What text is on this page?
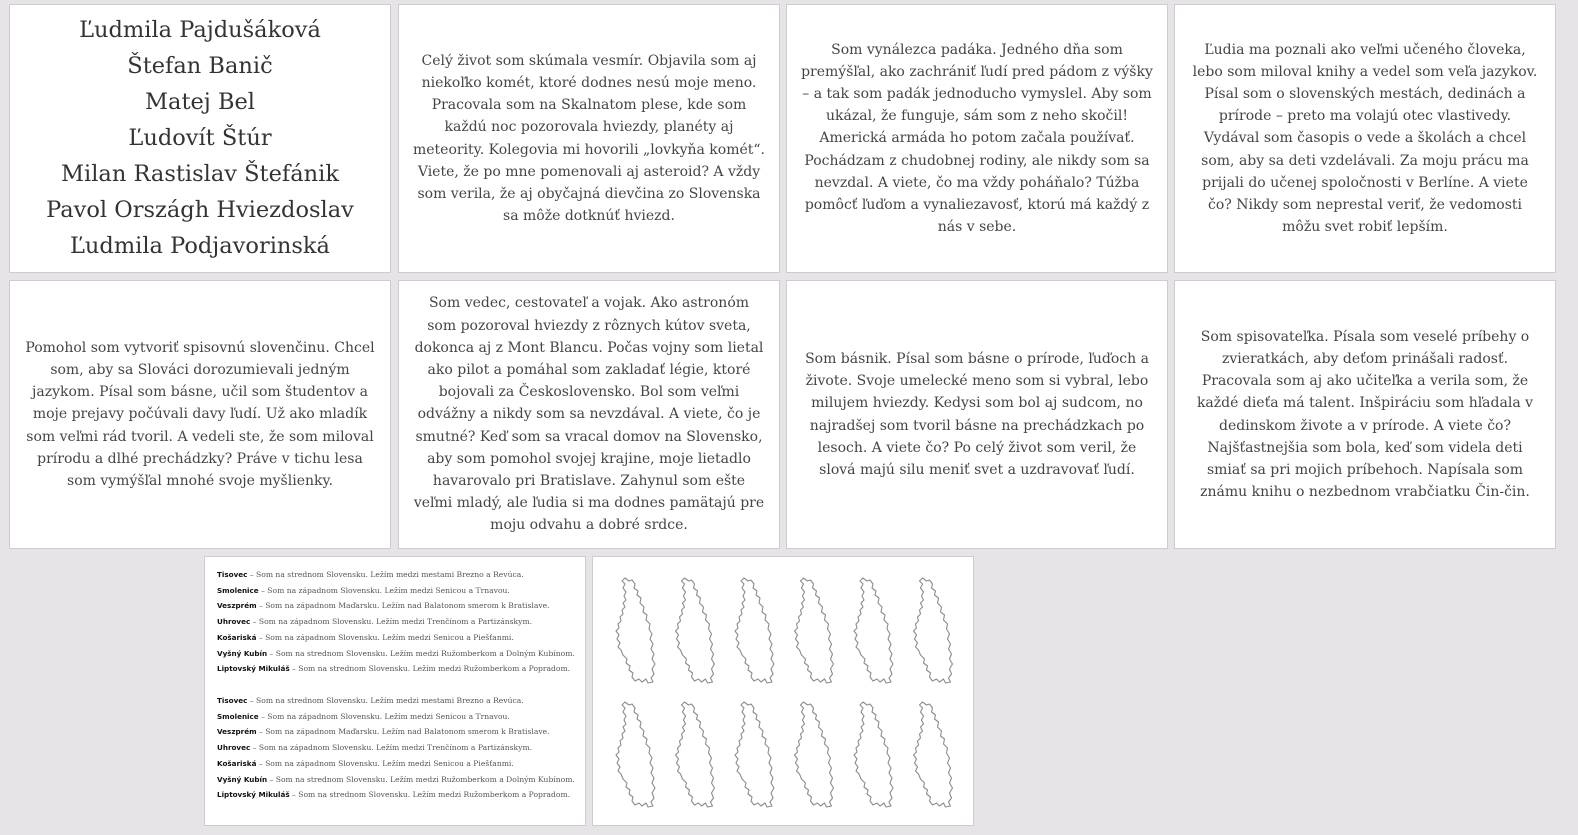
Ľudmila Pajdušáková
Štefan Banič
Matej Bel
Ľudovít Štúr
Milan Rastislav Štefánik
Pavol Országh Hviezdoslav
Ľudmila Podjavorinská
Celý život som skúmala vesmír. Objavila som aj niekoľko komét, ktoré dodnes nesú moje meno. Pracovala som na Skalnatom plese, kde som každú noc pozorovala hviezdy, planéty aj meteority. Kolegovia mi hovorili „lovkyňa komét“. Viete, že po mne pomenovali aj asteroid? A vždy som verila, že aj obyčajná dievčina zo Slovenska sa môže dotknúť hviezd.
Som vynálezca padáka. Jedného dňa som premýšľal, ako zachrániť ľudí pred pádom z výšky – a tak som padák jednoducho vymyslel. Aby som ukázal, že funguje, sám som z neho skočil! Americká armáda ho potom začala používať. Pochádzam z chudobnej rodiny, ale nikdy som sa nevzdal. A viete, čo ma vždy poháňalo? Túžba pomôcť ľuďom a vynaliezavosť, ktorú má každý z nás v sebe.
Ľudia ma poznali ako veľmi učeného človeka, lebo som miloval knihy a vedel som veľa jazykov. Písal som o slovenských mestách, dedinách a prírode – preto ma volajú otec vlastivedy. Vydával som časopis o vede a školách a chcel som, aby sa deti vzdelávali. Za moju prácu ma prijali do učenej spoločnosti v Berlíne. A viete čo? Nikdy som neprestal veriť, že vedomosti môžu svet robiť lepším.
Pomohol som vytvoriť spisovnú slovenčinu. Chcel som, aby sa Slováci dorozumievali jedným jazykom. Písal som básne, učil som študentov a moje prejavy počúvali davy ľudí. Už ako mladík som veľmi rád tvoril. A vedeli ste, že som miloval prírodu a dlhé prechádzky? Práve v tichu lesa som vymýšľal mnohé svoje myšlienky.
Som vedec, cestovateľ a vojak. Ako astronóm som pozoroval hviezdy z rôznych kútov sveta, dokonca aj z Mont Blancu. Počas vojny som lietal ako pilot a pomáhal som zakladať légie, ktoré bojovali za Československo. Bol som veľmi odvážny a nikdy som sa nevzdával. A viete, čo je smutné? Keď som sa vracal domov na Slovensko, aby som pomohol svojej krajine, moje lietadlo havarovalo pri Bratislave. Zahynul som ešte veľmi mladý, ale ľudia si ma dodnes pamätajú pre moju odvahu a dobré srdce.
Som básnik. Písal som básne o prírode, ľuďoch a živote. Svoje umelecké meno som si vybral, lebo milujem hviezdy. Kedysi som bol aj sudcom, no najradšej som tvoril básne na prechádzkach po lesoch. A viete čo? Po celý život som veril, že slová majú silu meniť svet a uzdravovať ľudí.
Som spisovateľka. Písala som veselé príbehy o zvieratkách, aby deťom prinášali radosť. Pracovala som aj ako učiteľka a verila som, že každé dieťa má talent. Inšpiráciu som hľadala v dedinskom živote a v prírode. A viete čo? Najšťastnejšia som bola, keď som videla deti smiať sa pri mojich príbehoch. Napísala som známu knihu o nezbednom vrabčiatku Čin-čin.
Tisovec – Som na strednom Slovensku. Ležím medzi mestami Brezno a Revúca.
Smolenice – Som na západnom Slovensku. Ležím medzi Senicou a Trnavou.
Veszprém – Som na západnom Maďarsku. Ležím nad Balatonom smerom k Bratislave.
Uhrovec – Som na západnom Slovensku. Ležím medzi Trenčínom a Partizánskym.
Košariská – Som na západnom Slovensku. Ležím medzi Senicou a Piešťanmi.
Vyšný Kubín – Som na strednom Slovensku. Ležím medzi Ružomberkom a Dolným Kubínom.
Liptovský Mikuláš – Som na strednom Slovensku. Ležím medzi Ružomberkom a Popradom.
Tisovec – Som na strednom Slovensku. Ležím medzi mestami Brezno a Revúca.
Smolenice – Som na západnom Slovensku. Ležím medzi Senicou a Trnavou.
Veszprém – Som na západnom Maďarsku. Ležím nad Balatonom smerom k Bratislave.
Uhrovec – Som na západnom Slovensku. Ležím medzi Trenčínom a Partizánskym.
Košariská – Som na západnom Slovensku. Ležím medzi Senicou a Piešťanmi.
Vyšný Kubín – Som na strednom Slovensku. Ležím medzi Ružomberkom a Dolným Kubínom.
Liptovský Mikuláš – Som na strednom Slovensku. Ležím medzi Ružomberkom a Popradom.
